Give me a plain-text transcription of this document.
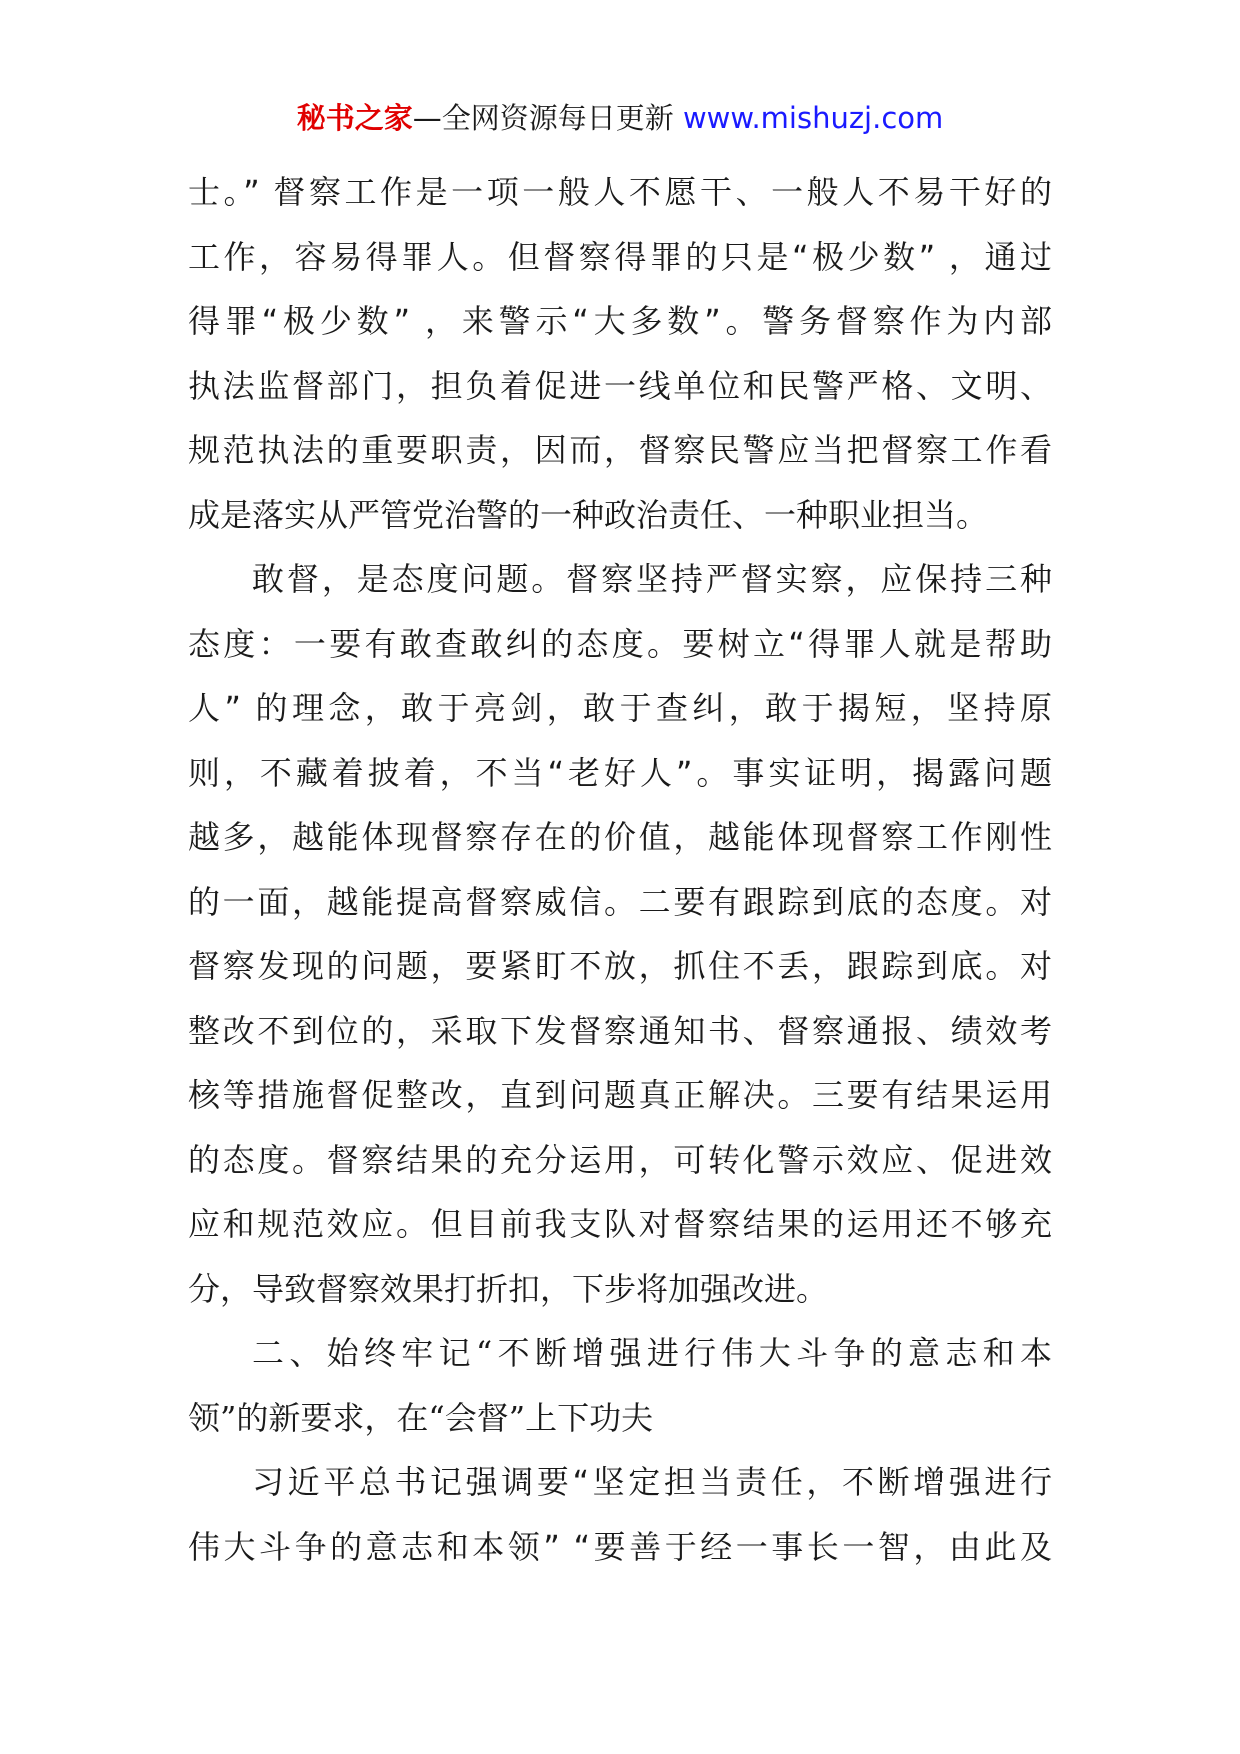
秘书之家—全网资源每日更新 www.mishuzj.com
士。” 督察工作是一项一般人不愿干、一般人不易干好的
工作，容易得罪人。但督察得罪的只是“极少数” ，通过
得罪“极少数” ，来警示“大多数”。警务督察作为内部
执法监督部门，担负着促进一线单位和民警严格、文明、
规范执法的重要职责，因而，督察民警应当把督察工作看
成是落实从严管党治警的一种政治责任、一种职业担当。
敢督，是态度问题。督察坚持严督实察，应保持三种
态度：一要有敢查敢纠的态度。要树立“得罪人就是帮助
人” 的理念，敢于亮剑，敢于查纠，敢于揭短，坚持原
则，不藏着披着，不当“老好人”。事实证明，揭露问题
越多，越能体现督察存在的价值，越能体现督察工作刚性
的一面，越能提高督察威信。二要有跟踪到底的态度。对
督察发现的问题，要紧盯不放，抓住不丢，跟踪到底。对
整改不到位的，采取下发督察通知书、督察通报、绩效考
核等措施督促整改，直到问题真正解决。三要有结果运用
的态度。督察结果的充分运用，可转化警示效应、促进效
应和规范效应。但目前我支队对督察结果的运用还不够充
分，导致督察效果打折扣，下步将加强改进。
二、始终牢记“不断增强进行伟大斗争的意志和本
领”的新要求，在“会督”上下功夫
习近平总书记强调要“坚定担当责任，不断增强进行
伟大斗争的意志和本领” “要善于经一事长一智，由此及
